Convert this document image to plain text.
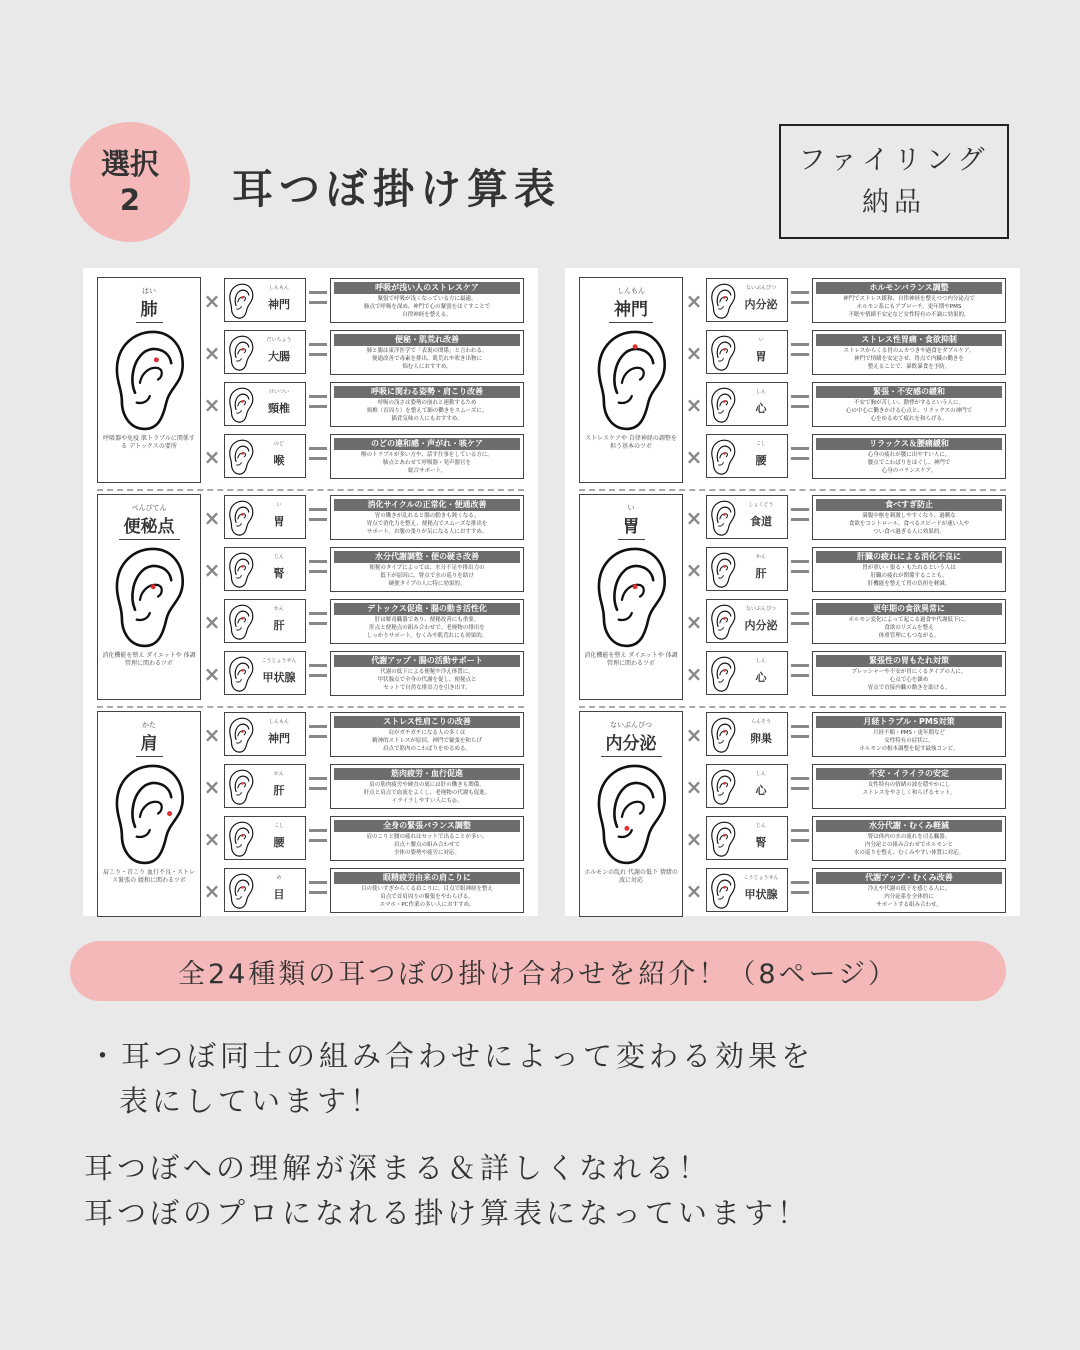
選択
2 耳つぼ掛け算表
ファイリング
納品
はい
肺
呼吸器や免疫 肌トラブルに関係する デトックスの要所
×
しんもん
神門
呼吸が浅い人のストレスケア
緊張で呼吸が浅くなっている方に最適。
肺点で呼吸を深め、神門で心の緊張をほぐすことで
自律神経を整える。
×
だいちょう
大腸
便秘・肌荒れ改善
肺と腸は東洋医学で「表裏の関係」と言われる。
便通改善で毒素を排出、肌荒れや吹き出物に
悩む人におすすめ。
×
けいつい
頸椎
呼吸に関わる姿勢・肩こり改善
呼吸の浅さは姿勢の崩れと連動するため
頸椎（首周り）を整えて肺の働きをスムーズに。
猫背気味の人にもおすすめ。
×
のど
喉
のどの違和感・声がれ・咳ケア
喉のトラブルが多い方や、話す仕事をしている方に。
肺点とあわせて呼吸器・発声器官を
総合サポート。
べんぴてん
便秘点
消化機能を整え ダイエットや 体調管理に関わるツボ
×
い
胃
消化サイクルの正常化・便通改善
胃の働きが乱れると腸の動きも鈍くなる。
胃点で消化力を整え、便秘点でスムーズな排出を
サポート。お腹の張りが気になる人におすすめ。
×
じん
腎
水分代謝調整・便の硬さ改善
便秘のタイプによっては、水分不足や排出力の
低下が原因に。腎点で水の巡りを助け
硬便タイプの人に特に効果的。
×
かん
肝
デトックス促進・腸の動き活性化
肝は解毒臓器であり、便秘改善にも重要。
肝点と便秘点の組み合わせで、老廃物の排出を
しっかりサポート。むくみや肌荒れにも効果的。
×
こうじょうせん
甲状腺
代謝アップ・腸の活動サポート
代謝の低下による便秘や冷え体質に。
甲状腺点で全身の代謝を促し、便秘点と
セットで自然な排出力を引き出す。
かた
肩
肩こり・首こり 血行不良・ストレス緊張の 緩和に関わるツボ
×
しんもん
神門
ストレス性肩こりの改善
肩がガチガチになる人の多くは
精神的ストレスが原因。神門で緊張を和らげ
肩点で筋肉のこわばりをゆるめる。
×
かん
肝
筋肉疲労・血行促進
肩の筋肉疲労や硬直の裏には肝の働きも関係。
肝点と肩点で血流をよくし、老廃物の代謝も促進。
イライラしやすい人にも◎。
×
こし
腰
全身の緊張バランス調整
肩のこりと腰の疲れはセットで出ることが多い。
肩点＋腰点の組み合わせで
全体の姿勢や疲労に対応。
×
め
目
眼精疲労由来の肩こりに
目の使いすぎからくる肩こりに。目点で眼神経を整え
肩点で首肩周りの緊張をやわらげる。
スマホ・PC作業の多い人におすすめ。
しんもん
神門
ストレスケアや 自律神経の調整を 担う基本のツボ
×
ないぶんぴつ
内分泌
ホルモンバランス調整
神門でストレス緩和、自律神経を整えつつ内分泌点で
ホルモン系にもアプローチ。更年期やPMS
不眠や情緒不安定など女性特有の不調に効果的。
×
い
胃
ストレス性胃痛・食欲抑制
ストレスからくる胃のムカつきや過食をダブルケア。
神門で情緒を安定させ、胃点で内臓の働きを
整えることで、暴飲暴食を予防。
×
しん
心
緊張・不安感の緩和
不安で胸が苦しい、動悸がするという人に。
心の中心に働きかける心点と、リラックスの神門で
心をゆるめて疲れを和らげる。
×
こし
腰
リラックス＆腰痛緩和
心身の疲れが腰に出やすい人に。
腰点でこわばりをほぐし、神門で
心身のバランスケア。
い
胃
消化機能を整え ダイエットや 体調管理に関わるツボ
×
しょくどう
食道
食べすぎ防止
満腹中枢を刺激しやすくなり、過剰な
食欲をコントロール。食べるスピードが速い人や
つい食べ過ぎる人に効果的。
×
かん
肝
肝臓の疲れによる消化不良に
胃が重い・張る・もたれるという人は
肝臓の疲れが関係することも。
肝機能を整えて胃の負担を軽減。
×
ないぶんぴつ
内分泌
更年期の食欲異常に
ホルモン変化によって起こる過食や代謝低下に。
食欲のリズムを整え
体重管理にもつながる。
×
しん
心
緊張性の胃もたれ対策
プレッシャーや不安が胃にくるタイプの人に。
心点で心を鎮め
胃点で直接内臓の動きを助ける。
ないぶんぴつ
内分泌
ホルモンの乱れ 代謝の低下 情緒の波に対応
×
らんそう
卵巣
月経トラブル・PMS対策
月経不順・PMS・更年期など
女性特有の症状に。
ホルモンの根本調整を促す最強コンビ。
×
しん
心
不安・イライラの安定
女性特有の情緒の波を穏やかにし
ストレスをやさしく和らげるセット。
×
じん
腎
水分代謝・むくみ軽減
腎は体内の水の流れを司る臓器。
内分泌との組み合わせでホルモンと
水の巡りを整え、むくみやすい体質に対応。
×
こうじょうせん
甲状腺
代謝アップ・むくみ改善
冷えや代謝の低下を感じる人に。
内分泌系を全体的に
サポートする組み合わせ。
全24種類の耳つぼの掛け合わせを紹介！（8ページ）
・耳つぼ同士の組み合わせによって変わる効果を
表にしています！
耳つぼへの理解が深まる＆詳しくなれる！
耳つぼのプロになれる掛け算表になっています！
